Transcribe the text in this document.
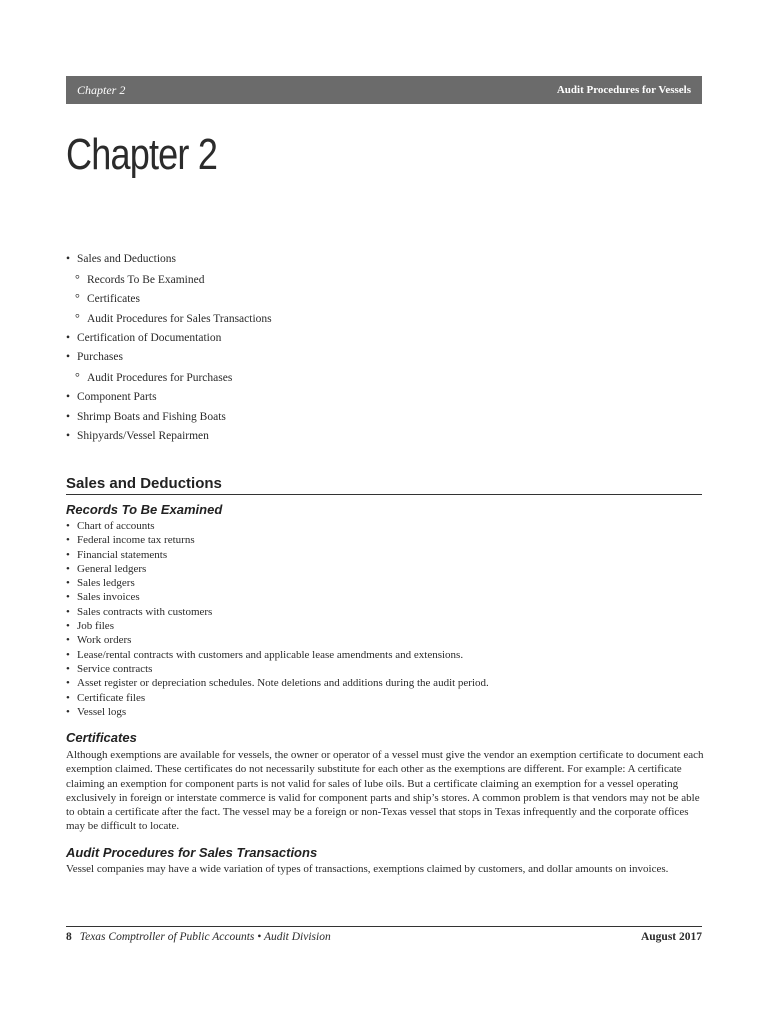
Chapter 2	Audit Procedures for Vessels
Chapter 2
• Sales and Deductions
° Records To Be Examined
° Certificates
° Audit Procedures for Sales Transactions
• Certification of Documentation
• Purchases
° Audit Procedures for Purchases
• Component Parts
• Shrimp Boats and Fishing Boats
• Shipyards/Vessel Repairmen
Sales and Deductions
Records To Be Examined
• Chart of accounts
• Federal income tax returns
• Financial statements
• General ledgers
• Sales ledgers
• Sales invoices
• Sales contracts with customers
• Job files
• Work orders
• Lease/rental contracts with customers and applicable lease amendments and extensions.
• Service contracts
• Asset register or depreciation schedules. Note deletions and additions during the audit period.
• Certificate files
• Vessel logs
Certificates

Although exemptions are available for vessels, the owner or operator of a vessel must give the vendor an exemption certificate to document each exemption claimed. These certificates do not necessarily substitute for each other as the exemptions are different. For example: A certificate claiming an exemption for component parts is not valid for sales of lube oils. But a certificate claiming an exemption for a vessel operating exclusively in foreign or interstate commerce is valid for component parts and ship’s stores. A common problem is that vendors may not be able to obtain a certificate after the fact. The vessel may be a foreign or non-Texas vessel that stops in Texas infrequently and the corporate offices may be difficult to locate.

Audit Procedures for Sales Transactions

Vessel companies may have a wide variation of types of transactions, exemptions claimed by customers, and dollar amounts on invoices.

8 Texas Comptroller of Public Accounts • Audit Division	August 2017
